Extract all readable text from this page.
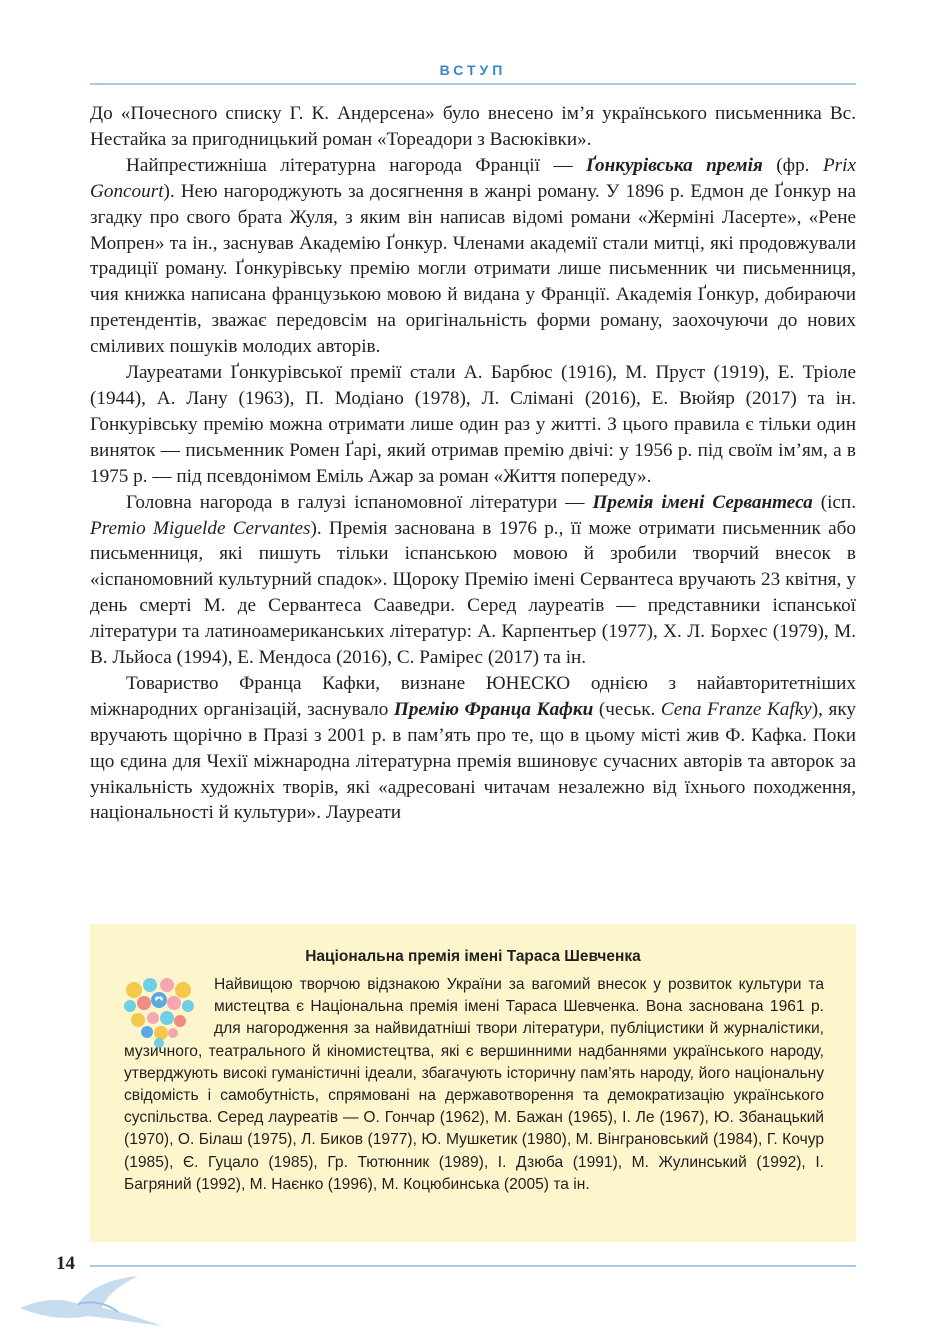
ВСТУП

До «Почесного списку Г. К. Андерсена» було внесено ім’я українського письменника Вс. Нестайка за пригодницький роман «Тореадори з Васюківки».

Найпрестижніша літературна нагорода Франції — Ґонкурівська премія (фр. Prix Goncourt). Нею нагороджують за досягнення в жанрі роману. У 1896 р. Едмон де Ґонкур на згадку про свого брата Жуля, з яким він написав відомі романи «Жерміні Ласерте», «Рене Мопрен» та ін., заснував Академію Ґонкур. Членами академії стали митці, які продовжували традиції роману. Ґонкурівську премію могли отримати лише письменник чи письменниця, чия книжка написана французькою мовою й видана у Франції. Академія Ґонкур, добираючи претендентів, зважає передовсім на оригінальність форми роману, заохочуючи до нових сміливих пошуків молодих авторів.

Лауреатами Ґонкурівської премії стали А. Барбюс (1916), М. Пруст (1919), Е. Тріоле (1944), А. Лану (1963), П. Модіано (1978), Л. Слімані (2016), Е. Вюйяр (2017) та ін. Гонкурівську премію можна отримати лише один раз у житті. З цього правила є тільки один виняток — письменник Ромен Ґарі, який отримав премію двічі: у 1956 р. під своїм ім’ям, а в 1975 р. — під псевдонімом Еміль Ажар за роман «Життя попереду».

Головна нагорода в галузі іспаномовної літератури — Премія імені Сервантеса (ісп. Premio Miguelde Cervantes). Премія заснована в 1976 р., її може отримати письменник або письменниця, які пишуть тільки іспанською мовою й зробили творчий внесок в «іспаномовний культурний спадок». Щороку Премію імені Сервантеса вручають 23 квітня, у день смерті М. де Сервантеса Сааведри. Серед лауреатів — представники іспанської літератури та латиноамериканських літератур: А. Карпентьер (1977), Х. Л. Борхес (1979), М. В. Льйоса (1994), Е. Мендоса (2016), С. Рамірес (2017) та ін.

Товариство Франца Кафки, визнане ЮНЕСКО однією з найавторитетніших міжнародних організацій, заснувало Премію Франца Кафки (чеськ. Cena Franze Kafky), яку вручають щорічно в Празі з 2001 р. в пам’ять про те, що в цьому місті жив Ф. Кафка. Поки що єдина для Чехії міжнародна літературна премія вшиновує сучасних авторів та авторок за унікальність художніх творів, які «адресовані читачам незалежно від їхнього походження, національності й культури». Лауреати

Національна премія імені Тараса Шевченка

Найвищою творчою відзнакою України за вагомий внесок у розвиток культури та мистецтва є Національна премія імені Тараса Шевченка. Вона заснована 1961 р. для нагородження за найвидатніші твори літератури, публіцистики й журналістики, музичного, театрального й кіномистецтва, які є вершинними надбаннями українського народу, утверджують високі гуманістичні ідеали, збагачують історичну пам’ять народу, його національну свідомість і самобутність, спрямовані на державотворення та демократизацію українського суспільства. Серед лауреатів — О. Гончар (1962), М. Бажан (1965), І. Ле (1967), Ю. Збанацький (1970), О. Білаш (1975), Л. Биков (1977), Ю. Мушкетик (1980), М. Вінграновський (1984), Г. Кочур (1985), Є. Гуцало (1985), Гр. Тютюнник (1989), І. Дзюба (1991), М. Жулинський (1992), І. Багряний (1992), М. Наєнко (1996), М. Коцюбинська (2005) та ін.

14
